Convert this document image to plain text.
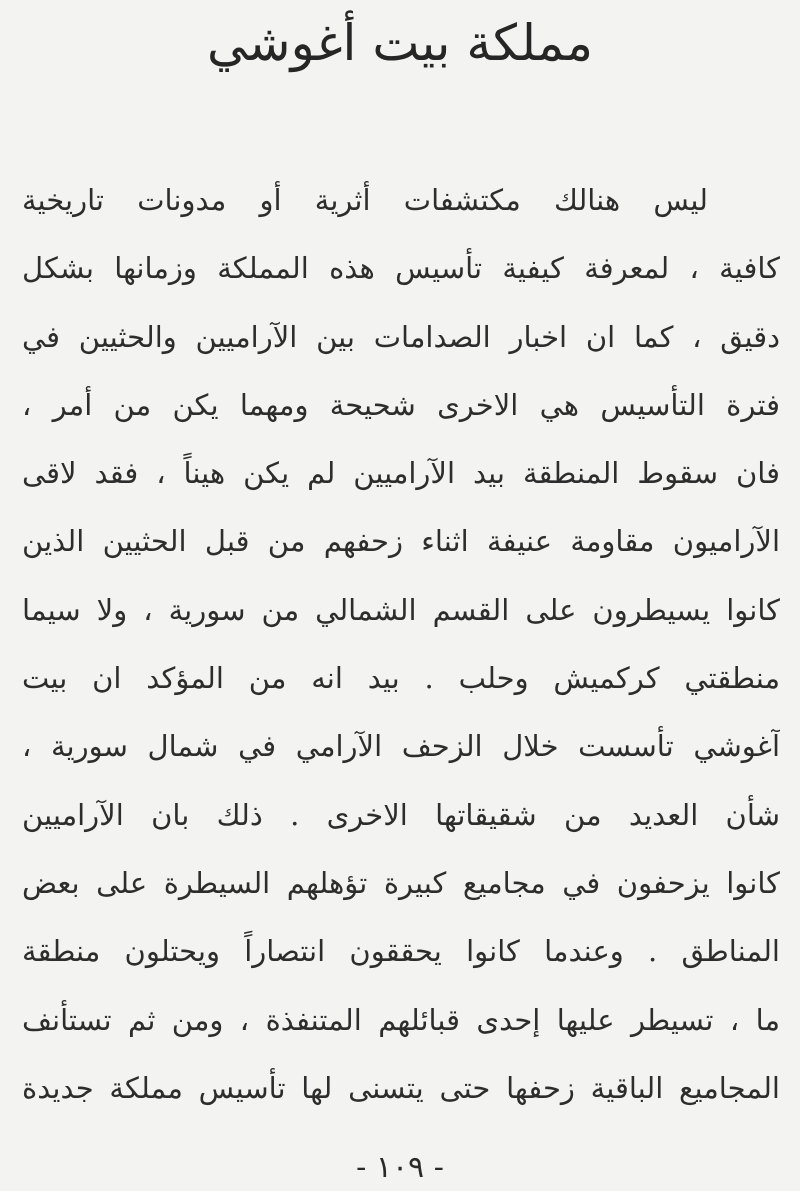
مملكة بيت أغوشي
ليس هنالك مكتشفات أثرية أو مدونات تاريخية
كافية ، لمعرفة كيفية تأسيس هذه المملكة وزمانها بشكل
دقيق ، كما ان اخبار الصدامات بين الآراميين والحثيين في
فترة التأسيس هي الاخرى شحيحة ومهما يكن من أمر ،
فان سقوط المنطقة بيد الآراميين لم يكن هيناً ، فقد لاقى
الآراميون مقاومة عنيفة اثناء زحفهم من قبل الحثيين الذين
كانوا يسيطرون على القسم الشمالي من سورية ، ولا سيما
منطقتي كركميش وحلب . بيد انه من المؤكد ان بيت
آغوشي تأسست خلال الزحف الآرامي في شمال سورية ،
شأن العديد من شقيقاتها الاخرى . ذلك بان الآراميين
كانوا يزحفون في مجاميع كبيرة تؤهلهم السيطرة على بعض
المناطق . وعندما كانوا يحققون انتصاراً ويحتلون منطقة
ما ، تسيطر عليها إحدى قبائلهم المتنفذة ، ومن ثم تستأنف
المجاميع الباقية زحفها حتى يتسنى لها تأسيس مملكة جديدة
- ١٠٩ -
